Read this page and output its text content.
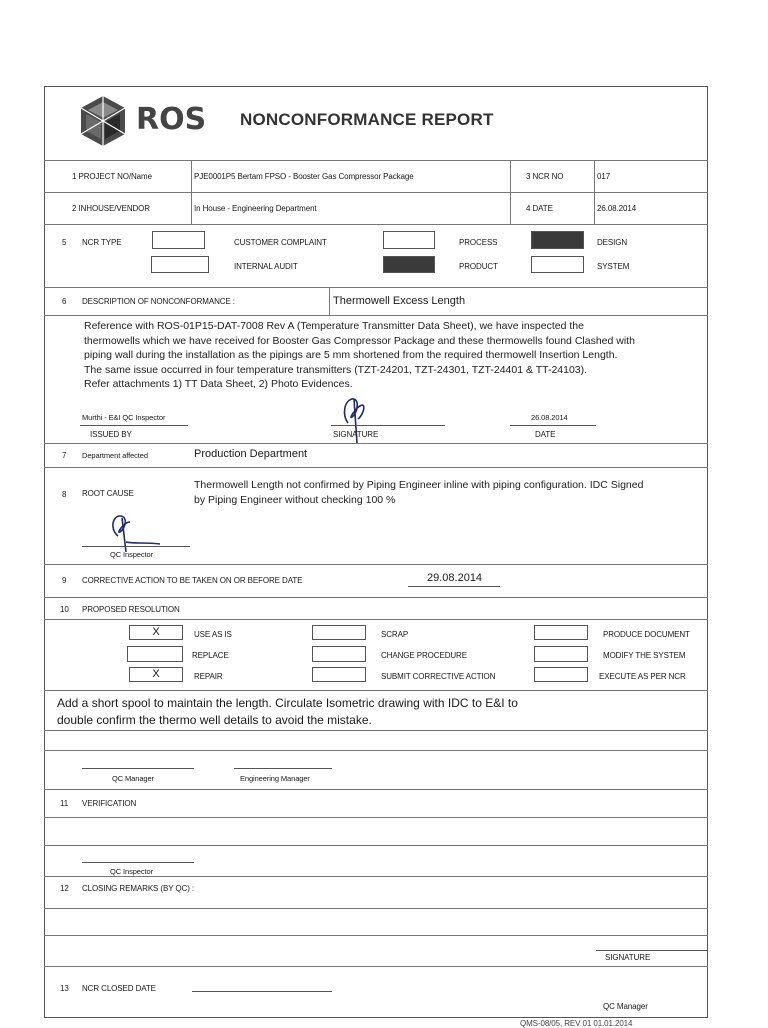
ROS NONCONFORMANCE REPORT
1 PROJECT NO/Name	PJE0001P5 Bertam FPSO - Booster Gas Compressor Package	3 NCR NO	017
2 INHOUSE/VENDOR	In House - Engineering Department	4 DATE	26.08.2014
5 NCR TYPE	CUSTOMER COMPLAINT	PROCESS	DESIGN
INTERNAL AUDIT	PRODUCT	SYSTEM
6 DESCRIPTION OF NONCONFORMANCE :	Thermowell Excess Length
Reference with ROS-01P15-DAT-7008 Rev A (Temperature Transmitter Data Sheet), we have inspected the
thermowells which we have received for Booster Gas Compressor Package and these thermowells found Clashed with
piping wall during the installation as the pipings are 5 mm shortened from the required thermowell Insertion Length.
The same issue occurred in four temperature transmitters (TZT-24201, TZT-24301, TZT-24401 & TT-24103).
Refer attachments 1) TT Data Sheet, 2) Photo Evidences.
Murthi - E&I QC Inspector
ISSUED BY	SIGNATURE
26.08.2014
DATE
7 Department affected	Production Department
8 ROOT CAUSE
Thermowell Length not confirmed by Piping Engineer inline with piping configuration. IDC Signed
by Piping Engineer without checking 100 %
QC Inspector
9 CORRECTIVE ACTION TO BE TAKEN ON OR BEFORE DATE	29.08.2014
10 PROPOSED RESOLUTION
X	USE AS IS	SCRAP	PRODUCE DOCUMENT
REPLACE	CHANGE PROCEDURE	MODIFY THE SYSTEM
X	REPAIR	SUBMIT CORRECTIVE ACTION	EXECUTE AS PER NCR
Add a short spool to maintain the length. Circulate Isometric drawing with IDC to E&I to
double confirm the thermo well details to avoid the mistake.
QC Manager	Engineering Manager
11 VERIFICATION
QC Inspector
12 CLOSING REMARKS (BY QC) :
SIGNATURE
13 NCR CLOSED DATE
QC Manager
QMS-08/05, REV 01 01.01.2014
